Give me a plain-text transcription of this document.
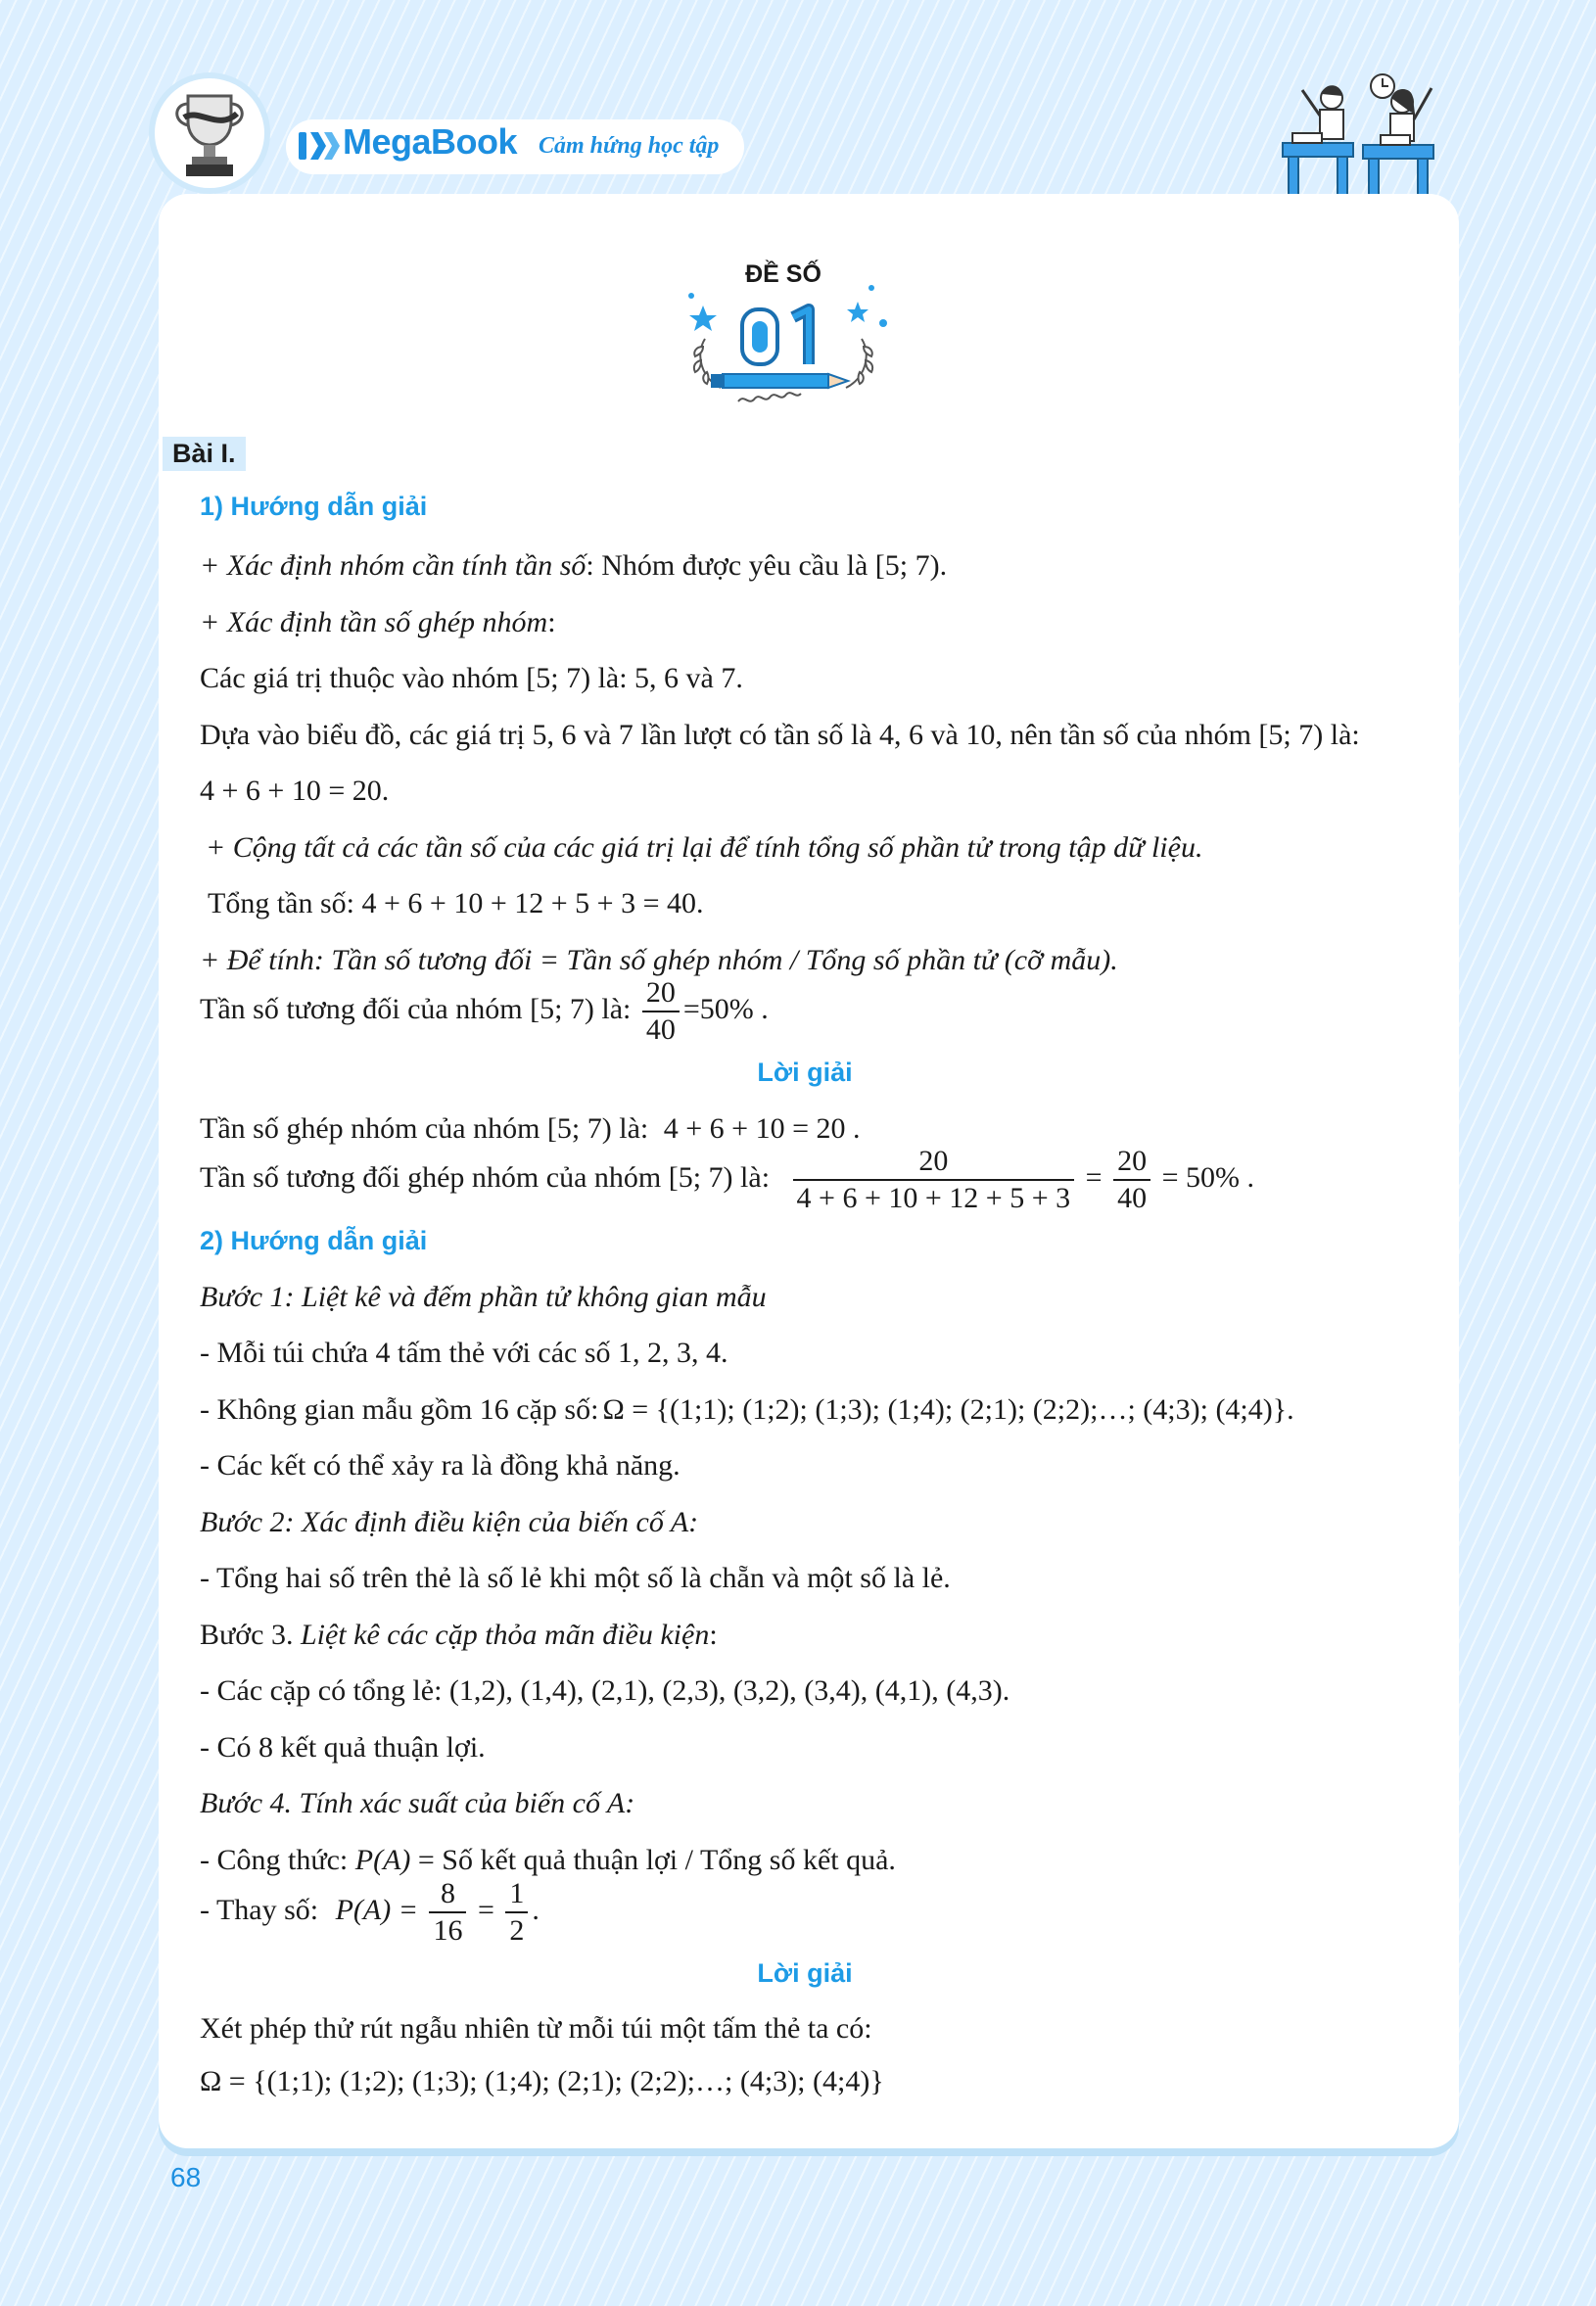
MegaBook Cảm hứng học tập
ĐỀ SỐ
Bài I.
1) Hướng dẫn giải
+ Xác định nhóm cần tính tần số: Nhóm được yêu cầu là [5; 7).
+ Xác định tần số ghép nhóm:
Các giá trị thuộc vào nhóm [5; 7) là: 5, 6 và 7.
Dựa vào biểu đồ, các giá trị 5, 6 và 7 lần lượt có tần số là 4, 6 và 10, nên tần số của nhóm [5; 7) là:
4 + 6 + 10 = 20.
+ Cộng tất cả các tần số của các giá trị lại để tính tổng số phần tử trong tập dữ liệu.
Tổng tần số: 4 + 6 + 10 + 12 + 5 + 3 = 40.
+ Để tính: Tần số tương đối = Tần số ghép nhóm / Tổng số phần tử (cỡ mẫu).
Tần số tương đối của nhóm [5; 7) là: $\frac{20}{40} =50\%$ .
Lời giải
Tần số ghép nhóm của nhóm [5; 7) là: 4 + 6 + 10 = 20 .
Tần số tương đối ghép nhóm của nhóm [5; 7) là: $\frac{20}{4 + 6 + 10 + 12 + 5 + 3} = \frac{20}{40} = 50\%$ .
2) Hướng dẫn giải
Bước 1: Liệt kê và đếm phần tử không gian mẫu
- Mỗi túi chứa 4 tấm thẻ với các số 1, 2, 3, 4.
- Không gian mẫu gồm 16 cặp số: Ω = {(1;1); (1;2); (1;3); (1;4); (2;1); (2;2);…; (4;3); (4;4)}.
- Các kết có thể xảy ra là đồng khả năng.
Bước 2: Xác định điều kiện của biến cố A:
- Tổng hai số trên thẻ là số lẻ khi một số là chẵn và một số là lẻ.
Bước 3. Liệt kê các cặp thỏa mãn điều kiện:
- Các cặp có tổng lẻ: (1,2), (1,4), (2,1), (2,3), (3,2), (3,4), (4,1), (4,3).
- Có 8 kết quả thuận lợi.
Bước 4. Tính xác suất của biến cố A:
- Công thức: P(A) = Số kết quả thuận lợi / Tổng số kết quả.
- Thay số: $P(A) = \frac{8}{16} = \frac{1}{2}$ .
Lời giải
Xét phép thử rút ngẫu nhiên từ mỗi túi một tấm thẻ ta có:
Ω = {(1;1); (1;2); (1;3); (1;4); (2;1); (2;2);…; (4;3); (4;4)}
68
